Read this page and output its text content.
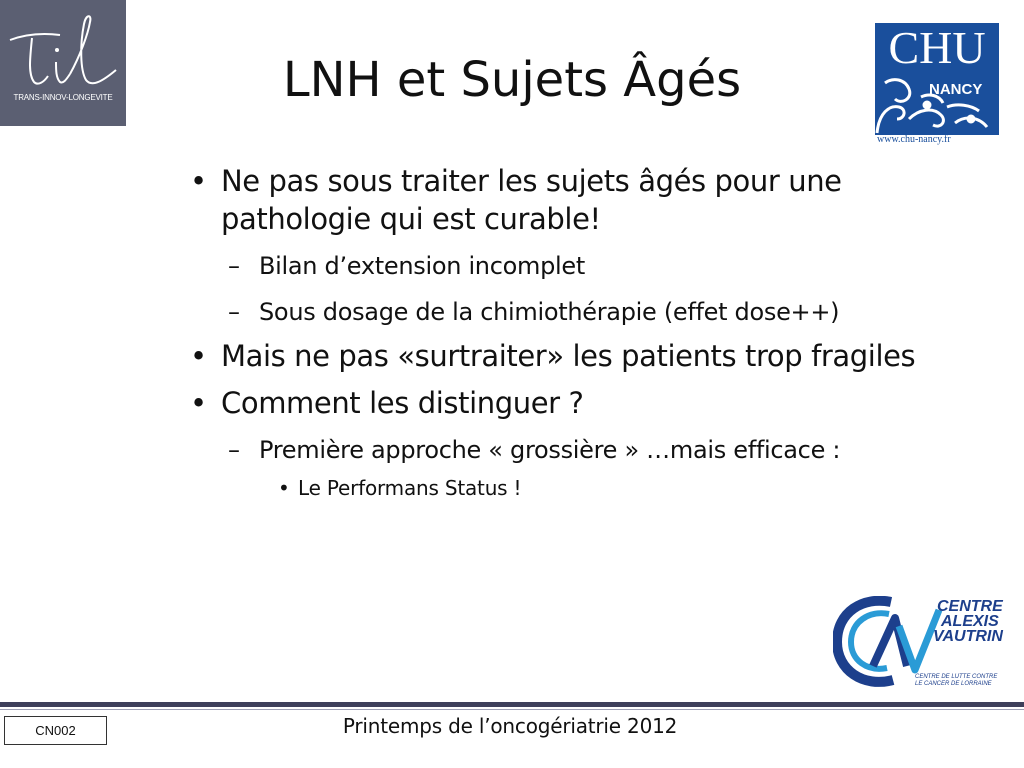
TRANS-INNOV-LONGEVITE	LNH et Sujets Âgés
CHU
NANCY
www.chu-nancy.fr
• Ne pas sous traiter les sujets âgés pour une pathologie qui est curable!
– Bilan d’extension incomplet
– Sous dosage de la chimiothérapie (effet dose++)
• Mais ne pas «surtraiter» les patients trop fragiles
• Comment les distinguer ?
– Première approche « grossière » …mais efficace :
• Le Performans Status !
CENTRE
ALEXIS
VAUTRIN
CENTRE DE LUTTE CONTRE
LE CANCER DE LORRAINE
CN002	Printemps de l’oncogériatrie 2012
